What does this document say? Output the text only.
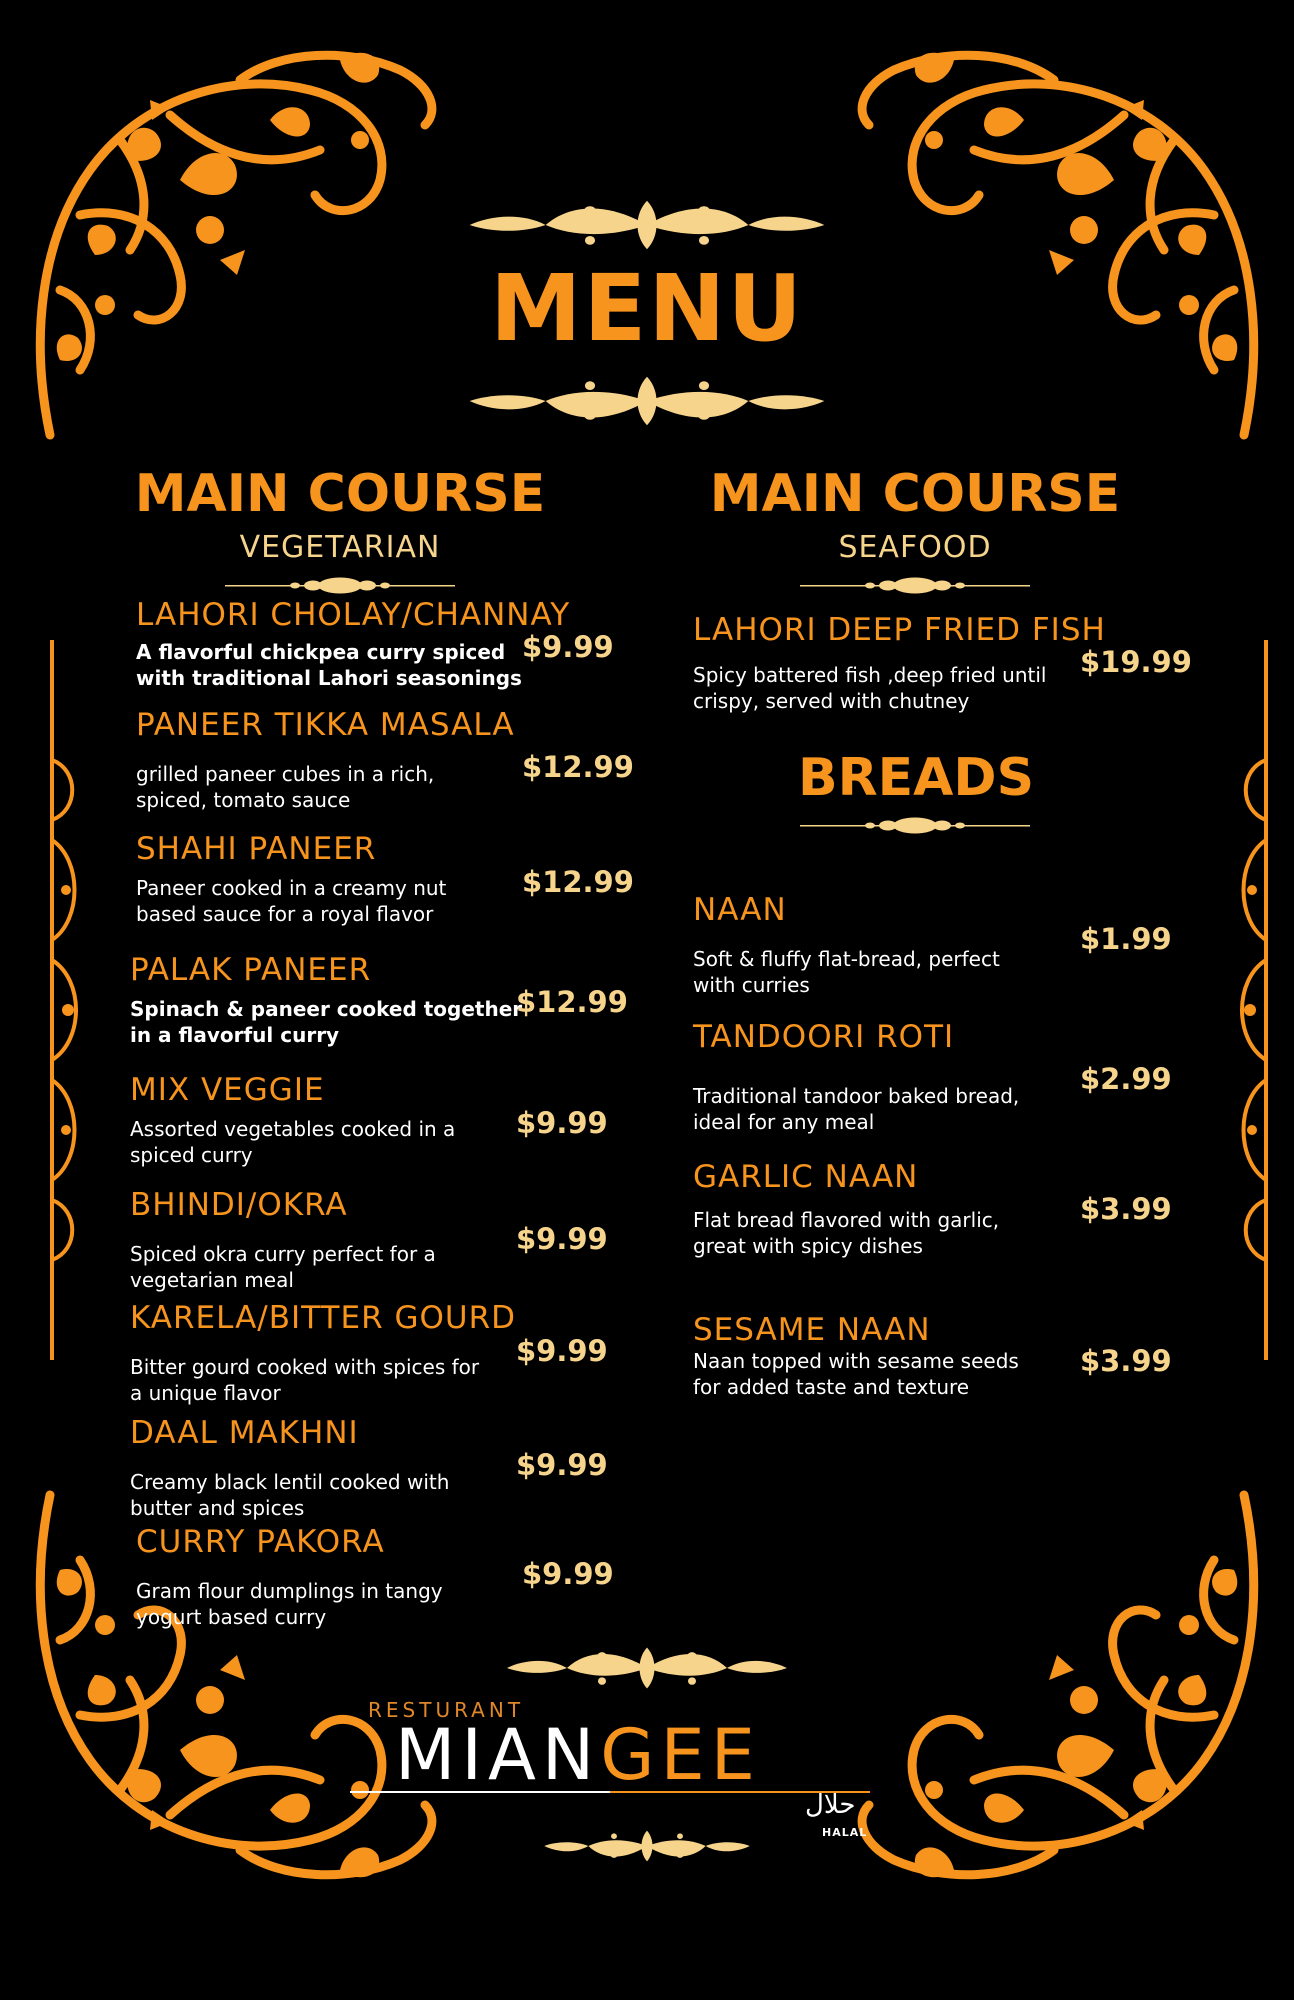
MENU
MAIN COURSE
VEGETARIAN
MAIN COURSE
SEAFOOD
LAHORI CHOLAY/CHANNAY
A flavorful chickpea curry spiced
with traditional Lahori seasonings
$9.99
PANEER TIKKA MASALA
grilled paneer cubes in a rich,
spiced, tomato sauce
$12.99
SHAHI PANEER
Paneer cooked in a creamy nut
based sauce for a royal flavor
$12.99
PALAK PANEER
Spinach & paneer cooked together
in a flavorful curry
$12.99
MIX VEGGIE
Assorted vegetables cooked in a
spiced curry
$9.99
BHINDI/OKRA
Spiced okra curry perfect for a
vegetarian meal
$9.99
KARELA/BITTER GOURD
Bitter gourd cooked with spices for
a unique flavor
$9.99
DAAL MAKHNI
Creamy black lentil cooked with
butter and spices
$9.99
CURRY PAKORA
Gram flour dumplings in tangy
yogurt based curry
$9.99
LAHORI DEEP FRIED FISH
Spicy battered fish ,deep fried until
crispy, served with chutney
$19.99
BREADS
NAAN
Soft & fluffy flat-bread, perfect
with curries
$1.99
TANDOORI ROTI
Traditional tandoor baked bread,
ideal for any meal
$2.99
GARLIC NAAN
Flat bread flavored with garlic,
great with spicy dishes
$3.99
SESAME NAAN
Naan topped with sesame seeds
for added taste and texture
$3.99
RESTURANT
MIANGEE
حلال
HALAL
